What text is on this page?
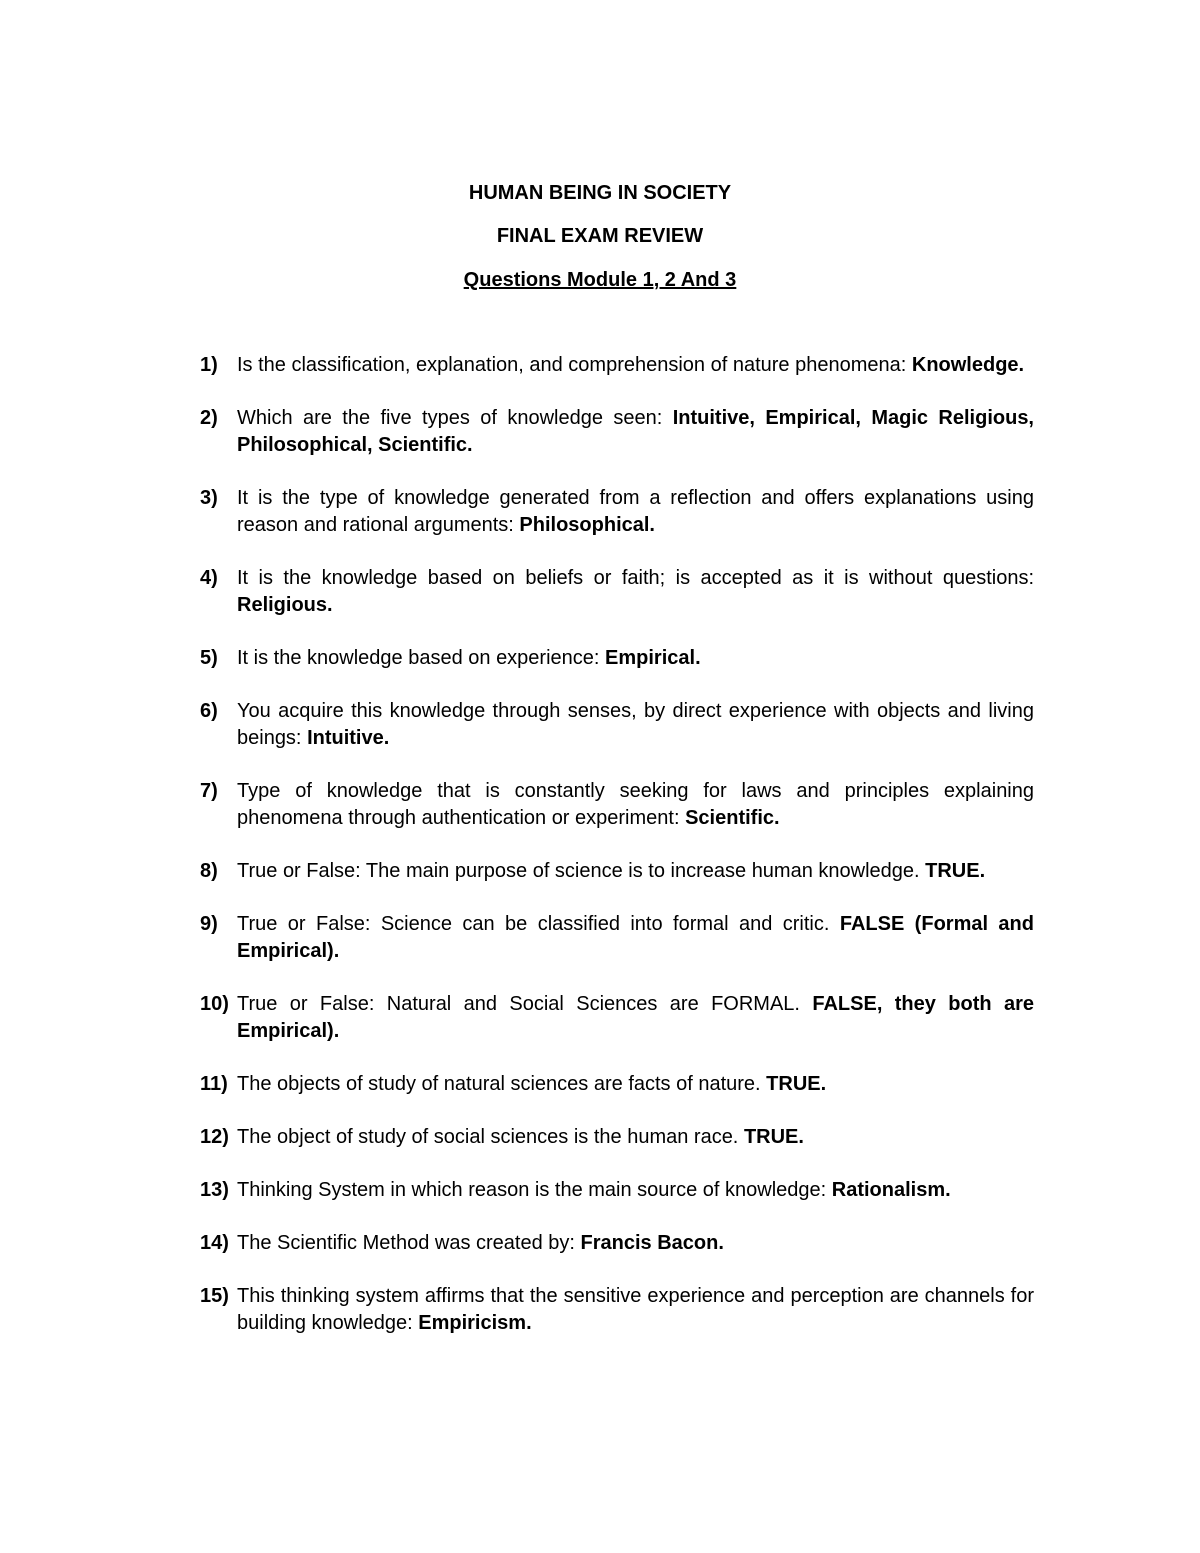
HUMAN BEING IN SOCIETY
FINAL EXAM REVIEW
Questions Module 1, 2 And 3
1) Is the classification, explanation, and comprehension of nature phenomena: Knowledge.
2) Which are the five types of knowledge seen: Intuitive, Empirical, Magic Religious, Philosophical, Scientific.
3) It is the type of knowledge generated from a reflection and offers explanations using reason and rational arguments: Philosophical.
4) It is the knowledge based on beliefs or faith; is accepted as it is without questions: Religious.
5) It is the knowledge based on experience: Empirical.
6) You acquire this knowledge through senses, by direct experience with objects and living beings: Intuitive.
7) Type of knowledge that is constantly seeking for laws and principles explaining phenomena through authentication or experiment: Scientific.
8) True or False: The main purpose of science is to increase human knowledge. TRUE.
9) True or False: Science can be classified into formal and critic. FALSE (Formal and Empirical).
10) True or False: Natural and Social Sciences are FORMAL. FALSE, they both are Empirical).
11) The objects of study of natural sciences are facts of nature. TRUE.
12) The object of study of social sciences is the human race. TRUE.
13) Thinking System in which reason is the main source of knowledge: Rationalism.
14) The Scientific Method was created by: Francis Bacon.
15) This thinking system affirms that the sensitive experience and perception are channels for building knowledge: Empiricism.
